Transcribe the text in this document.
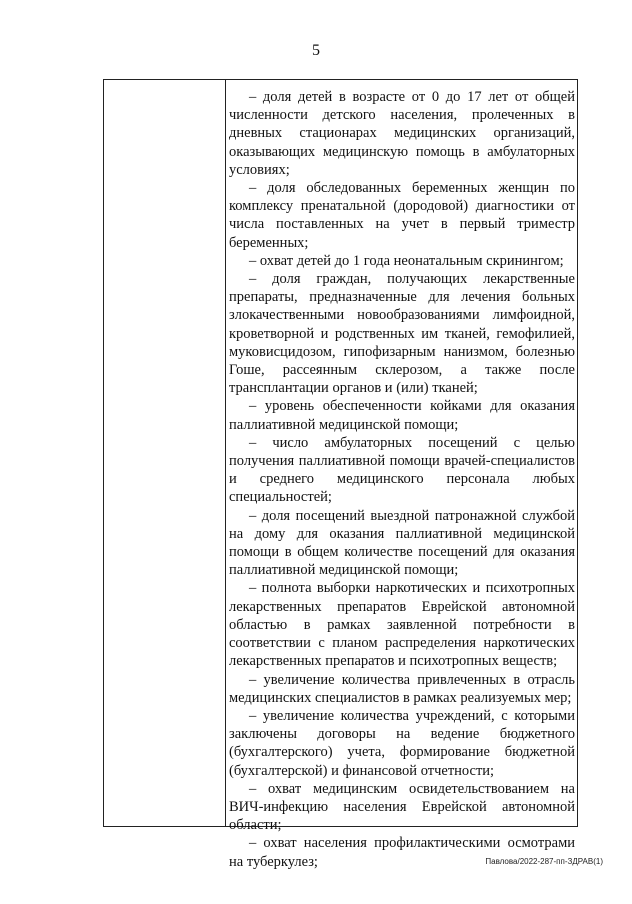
5

– доля детей в возрасте от 0 до 17 лет от общей численности детского населения, пролеченных в дневных стационарах медицинских организаций, оказывающих медицинскую помощь в амбулаторных условиях;

– доля обследованных беременных женщин по комплексу пренатальной (дородовой) диагностики от числа поставленных на учет в первый триместр беременных;

– охват детей до 1 года неонатальным скринингом;

– доля граждан, получающих лекарственные препараты, предназначенные для лечения больных злокачественными новообразованиями лимфоидной, кроветворной и родственных им тканей, гемофилией, муковисцидозом, гипофизарным нанизмом, болезнью Гоше, рассеянным склерозом, а также после трансплантации органов и (или) тканей;

– уровень обеспеченности койками для оказания паллиативной медицинской помощи;

– число амбулаторных посещений с целью получения паллиативной помощи врачей-специалистов и среднего медицинского персонала любых специальностей;

– доля посещений выездной патронажной службой на дому для оказания паллиативной медицинской помощи в общем количестве посещений для оказания паллиативной медицинской помощи;

– полнота выборки наркотических и психотропных лекарственных препаратов Еврейской автономной областью в рамках заявленной потребности в соответствии с планом распределения наркотических лекарственных препаратов и психотропных веществ;

– увеличение количества привлеченных в отрасль медицинских специалистов в рамках реализуемых мер;

– увеличение количества учреждений, с которыми заключены договоры на ведение бюджетного (бухгалтерского) учета, формирование бюджетной (бухгалтерской) и финансовой отчетности;

– охват медицинским освидетельствованием на ВИЧ-инфекцию населения Еврейской автономной области;

– охват населения профилактическими осмотрами на туберкулез;	Павлова/2022-287-пп-ЗДРАВ(1)
